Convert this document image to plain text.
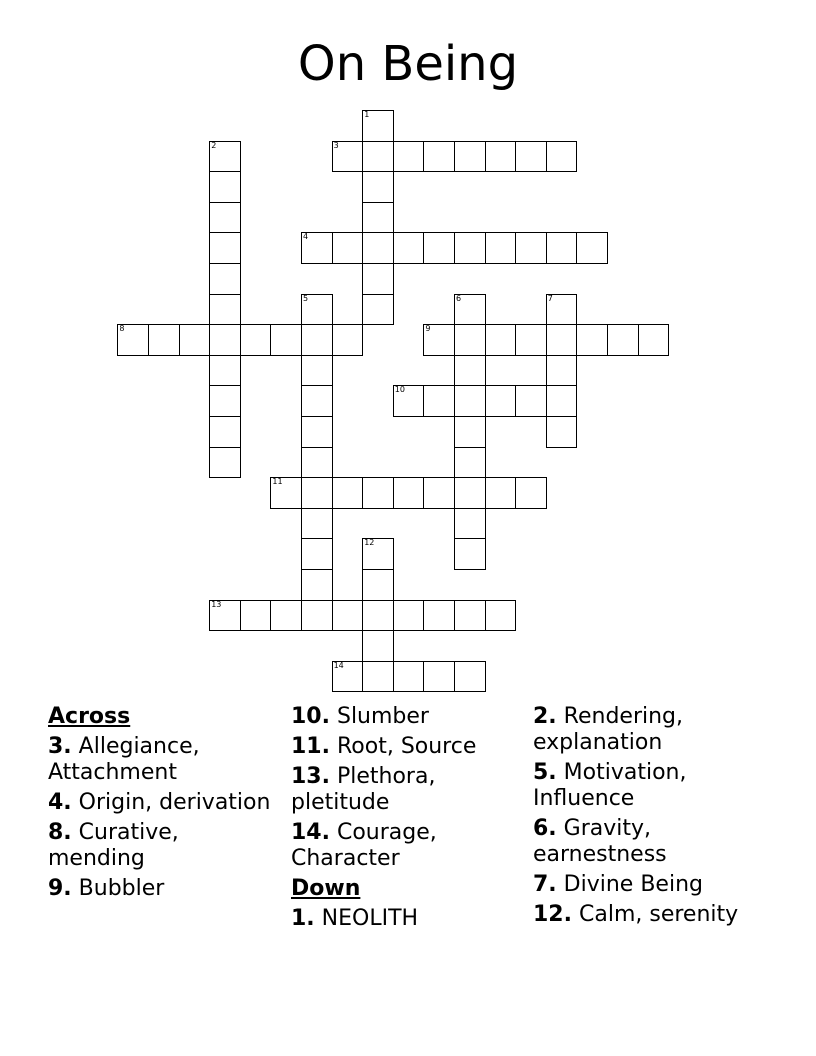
On Being
1
2	3
4
5	6	7
8	9
10
11
12
13
14
Across
3. Allegiance, Attachment
4. Origin, derivation
8. Curative, mending
9. Bubbler
10. Slumber
11. Root, Source
13. Plethora, pletitude
14. Courage, Character
Down
1. NEOLITH
2. Rendering, explanation
5. Motivation, Influence
6. Gravity, earnestness
7. Divine Being
12. Calm, serenity
